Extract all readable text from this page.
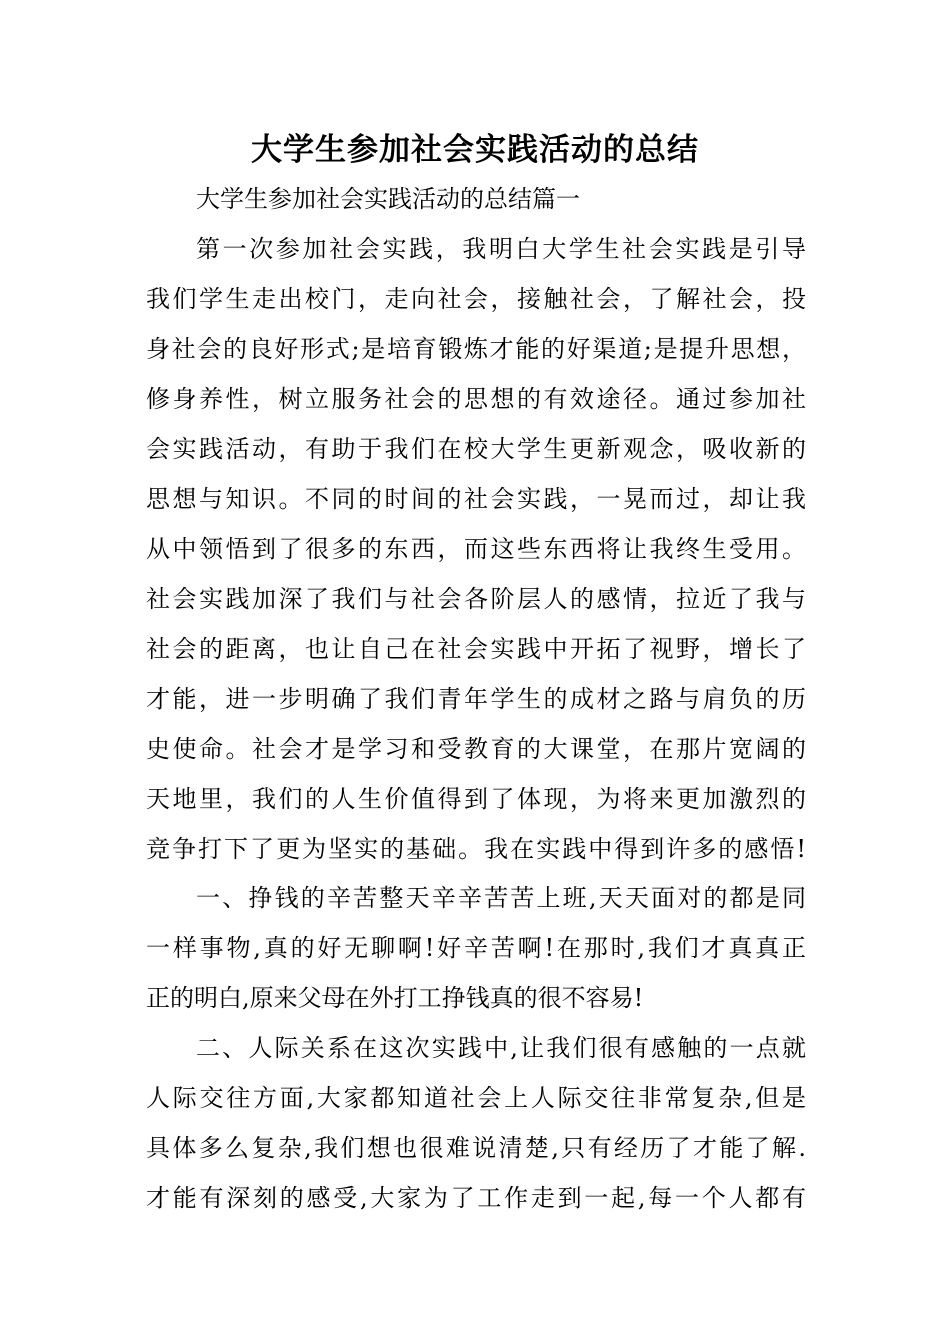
大学生参加社会实践活动的总结
大学生参加社会实践活动的总结篇一
第一次参加社会实践，我明白大学生社会实践是引导
我们学生走出校门，走向社会，接触社会，了解社会，投
身社会的良好形式;是培育锻炼才能的好渠道;是提升思想，
修身养性，树立服务社会的思想的有效途径。通过参加社
会实践活动，有助于我们在校大学生更新观念，吸收新的
思想与知识。不同的时间的社会实践，一晃而过，却让我
从中领悟到了很多的东西，而这些东西将让我终生受用。
社会实践加深了我们与社会各阶层人的感情，拉近了我与
社会的距离，也让自己在社会实践中开拓了视野，增长了
才能，进一步明确了我们青年学生的成材之路与肩负的历
史使命。社会才是学习和受教育的大课堂，在那片宽阔的
天地里，我们的人生价值得到了体现，为将来更加激烈的
竞争打下了更为坚实的基础。我在实践中得到许多的感悟!
一、挣钱的辛苦整天辛辛苦苦上班,天天面对的都是同
一样事物,真的好无聊啊!好辛苦啊!在那时,我们才真真正
正的明白,原来父母在外打工挣钱真的很不容易!
二、人际关系在这次实践中,让我们很有感触的一点就
人际交往方面,大家都知道社会上人际交往非常复杂,但是
具体多么复杂,我们想也很难说清楚,只有经历了才能了解.
才能有深刻的感受,大家为了工作走到一起,每一个人都有
